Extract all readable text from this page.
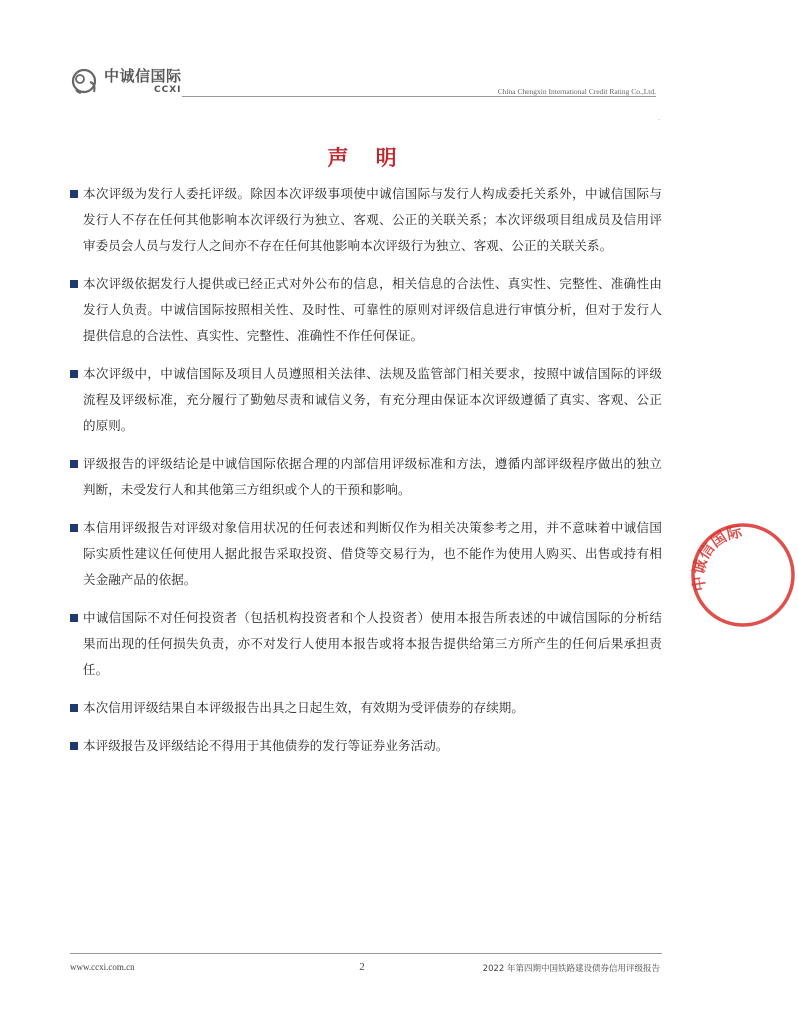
中诚信国际
CCXI	China Chengxin International Credit Rating Co.,Ltd.
·
声 明
本次评级为发行人委托评级。除因本次评级事项使中诚信国际与发行人构成委托关系外，中诚信国际与发行人不存在任何其他影响本次评级行为独立、客观、公正的关联关系；本次评级项目组成员及信用评审委员会人员与发行人之间亦不存在任何其他影响本次评级行为独立、客观、公正的关联关系。
本次评级依据发行人提供或已经正式对外公布的信息，相关信息的合法性、真实性、完整性、准确性由发行人负责。中诚信国际按照相关性、及时性、可靠性的原则对评级信息进行审慎分析，但对于发行人提供信息的合法性、真实性、完整性、准确性不作任何保证。
本次评级中，中诚信国际及项目人员遵照相关法律、法规及监管部门相关要求，按照中诚信国际的评级流程及评级标准，充分履行了勤勉尽责和诚信义务，有充分理由保证本次评级遵循了真实、客观、公正的原则。
评级报告的评级结论是中诚信国际依据合理的内部信用评级标准和方法，遵循内部评级程序做出的独立判断，未受发行人和其他第三方组织或个人的干预和影响。
本信用评级报告对评级对象信用状况的任何表述和判断仅作为相关决策参考之用，并不意味着中诚信国际实质性建议任何使用人据此报告采取投资、借贷等交易行为，也不能作为使用人购买、出售或持有相关金融产品的依据。
中诚信国际不对任何投资者（包括机构投资者和个人投资者）使用本报告所表述的中诚信国际的分析结果而出现的任何损失负责，亦不对发行人使用本报告或将本报告提供给第三方所产生的任何后果承担责任。
本次信用评级结果自本评级报告出具之日起生效，有效期为受评债券的存续期。
本评级报告及评级结论不得用于其他债券的发行等证券业务活动。
中诚信国际
www.ccxi.com.cn	2	2022 年第四期中国铁路建设债券信用评级报告
